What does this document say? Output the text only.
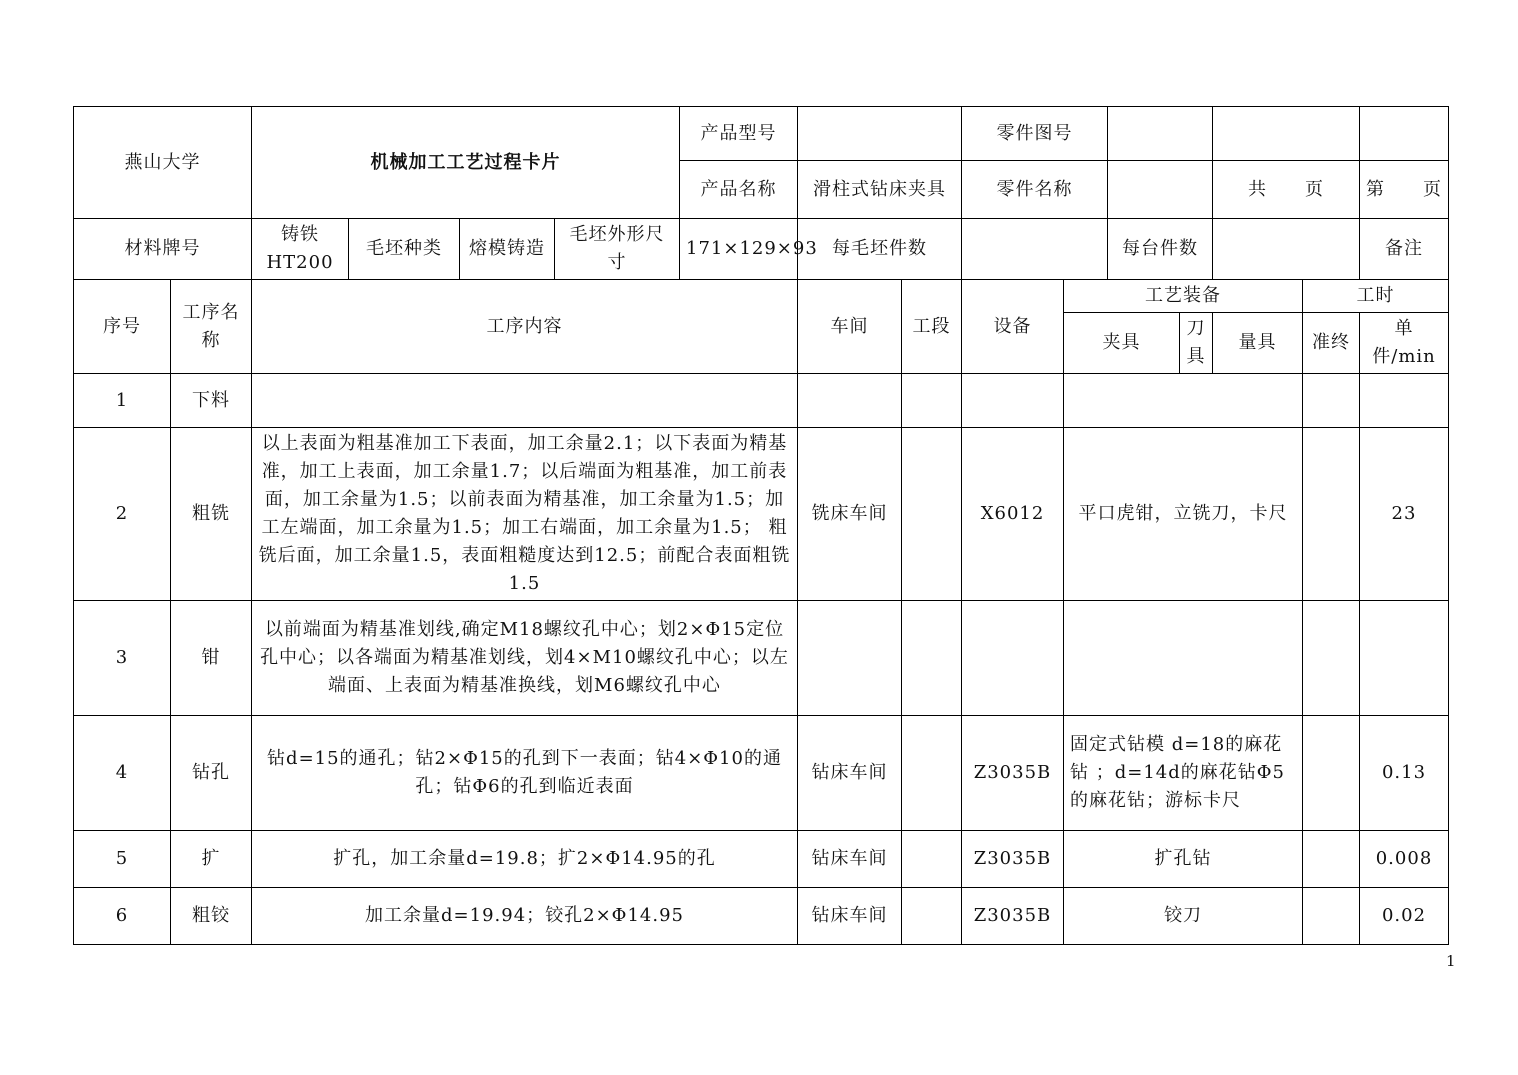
燕山大学		机械加工工艺过程卡片				产品型号			零件图号							
						产品名称	滑柱式钻床夹具		零件名称				共 页		第 页	
材料牌号		铸铁HT200	毛坯种类	熔模铸造	毛坯外形尺寸	171×129×93	每毛坯件数				每台件数				备注	
序号	工序名称	工序内容					车间	工段	设备	工艺装备				工时		
										夹具		刀具	量具	准终	单件/min	
1	下料															
2	粗铣	以上表面为粗基准加工下表面，加工余量2.1；以下表面为精基准，加工上表面，加工余量1.7；以后端面为粗基准，加工前表面，加工余量为1.5；以前表面为精基准，加工余量为1.5；加工左端面，加工余量为1.5；加工右端面，加工余量为1.5； 粗铣后面，加工余量1.5，表面粗糙度达到12.5；前配合表面粗铣1.5					铣床车间		X6012	平口虎钳，立铣刀，卡尺					23	
3	钳	以前端面为精基准划线,确定M18螺纹孔中心；划2×Φ15定位孔中心；以各端面为精基准划线，划4×M10螺纹孔中心；以左端面、上表面为精基准换线，划M6螺纹孔中心														
4	钻孔	钻d=15的通孔；钻2×Φ15的孔到下一表面；钻4×Φ10的通孔；钻Φ6的孔到临近表面					钻床车间		Z3035B	固定式钻模 d=18的麻花钻 ；d=14d的麻花钻Φ5的麻花钻；游标卡尺					0.13	
5	扩	扩孔，加工余量d=19.8；扩2×Φ14.95的孔					钻床车间		Z3035B	扩孔钻					0.008	
6	粗铰	加工余量d=19.94；铰孔2×Φ14.95					钻床车间		Z3035B	铰刀					0.02	
1
